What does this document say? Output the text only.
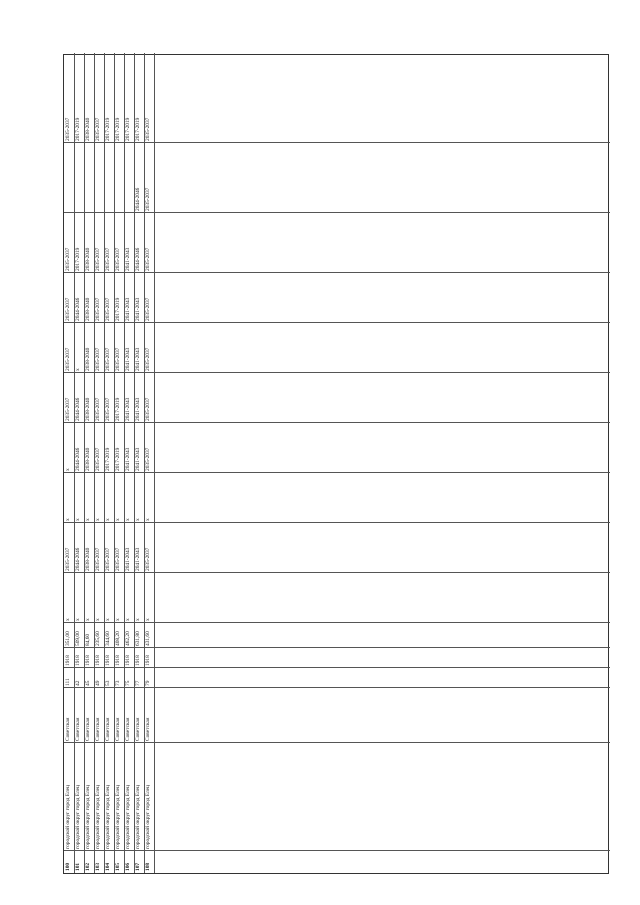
100
городской округ город Елец
Советская
111
1918
351,00
х
2035-2037
х
х
2035-2037
2035-2037
2035-2037
2035-2037
2035-2037
101
городской округ город Елец
Советская
42
1918
509,00
х
2044-2046
х
2044-2046
2044-2046
х
2044-2046
2017-2019
2017-2019
102
городской округ город Елец
Советская
45
1918
84,60
х
2038-2040
х
2038-2040
2038-2040
2038-2040
2038-2040
2038-2040
2038-2040
103
городской округ город Елец
Советская
49
1918
235,60
х
2035-2037
х
2035-2037
2035-2037
2035-2037
2035-2037
2035-2037
2035-2037
104
городской округ город Елец
Советская
53
1918
344,60
х
2035-2037
х
2017-2019
2035-2037
2035-2037
2035-2037
2035-2037
2017-2019
105
городской округ город Елец
Советская
73
1918
408,20
х
2035-2037
х
2017-2019
2017-2019
2035-2037
2017-2019
2035-2037
2017-2019
106
городской округ город Елец
Советская
75
1918
462,20
х
2041-2043
х
2041-2043
2041-2043
2041-2043
2041-2043
2041-2043
2017-2019
107
городской округ город Елец
Советская
77
1918
631,80
х
2041-2043
х
2041-2043
2041-2043
2041-2043
2041-2043
2044-2046
2044-2046
2017-2019
108
городской округ город Елец
Советская
79
1918
431,60
х
2035-2037
х
2035-2037
2035-2037
2035-2037
2035-2037
2035-2037
2035-2037
2035-2037
